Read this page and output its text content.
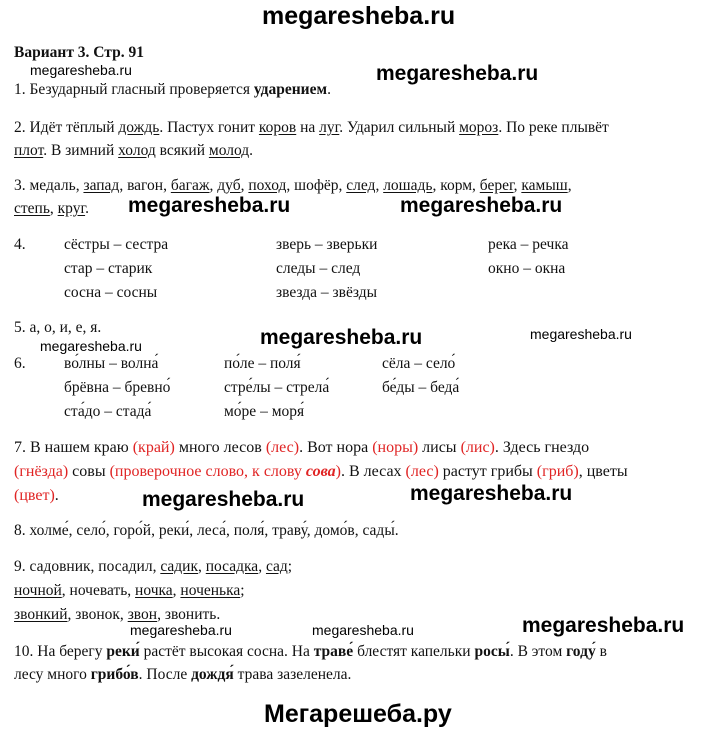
megaresheba.ru
megaresheba.ru	megaresheba.ru
megaresheba.ru	megaresheba.ru
megaresheba.ru	megaresheba.ru
megaresheba.ru
megaresheba.ru	megaresheba.ru
megaresheba.ru	megaresheba.ru	megaresheba.ru
Мегарешеба.ру
Вариант 3. Стр. 91
1. Безударный гласный проверяется ударением.
2. Идёт тёплый дождь. Пастух гонит коров на луг. Ударил сильный мороз. По реке плывёт
плот. В зимний холод всякий молод.
3. медаль, запад, вагон, багаж, дуб, поход, шофёр, след, лошадь, корм, берег, камыш,
степь, круг.
4. сёстры – сестра	зверь – зверьки	река – речка
стар – старик	следы – след	окно – окна
сосна – сосны	звезда – звёзды
5. а, о, и, е, я.
6. во́лны – волна́	по́ле – поля́	сёла – село́
брёвна – бревно́	стре́лы – стрела́	бе́ды – беда́
ста́до – стада́	мо́ре – моря́
7. В нашем краю (край) много лесов (лес). Вот нора (норы) лисы (лис). Здесь гнездо
(гнёзда) совы (проверочное слово, к слову сова). В лесах (лес) растут грибы (гриб), цветы
(цвет).
8. холме́, село́, горо́й, реки́, леса́, поля́, траву́, домо́в, сады́.
9. садовник, посадил, садик, посадка, сад;
ночной, ночевать, ночка, ноченька;
звонкий, звонок, звон, звонить.
10. На берегу реки́ растёт высокая сосна. На траве́ блестят капельки росы́. В этом году́ в
лесу много грибо́в. После дождя́ трава зазеленела.
